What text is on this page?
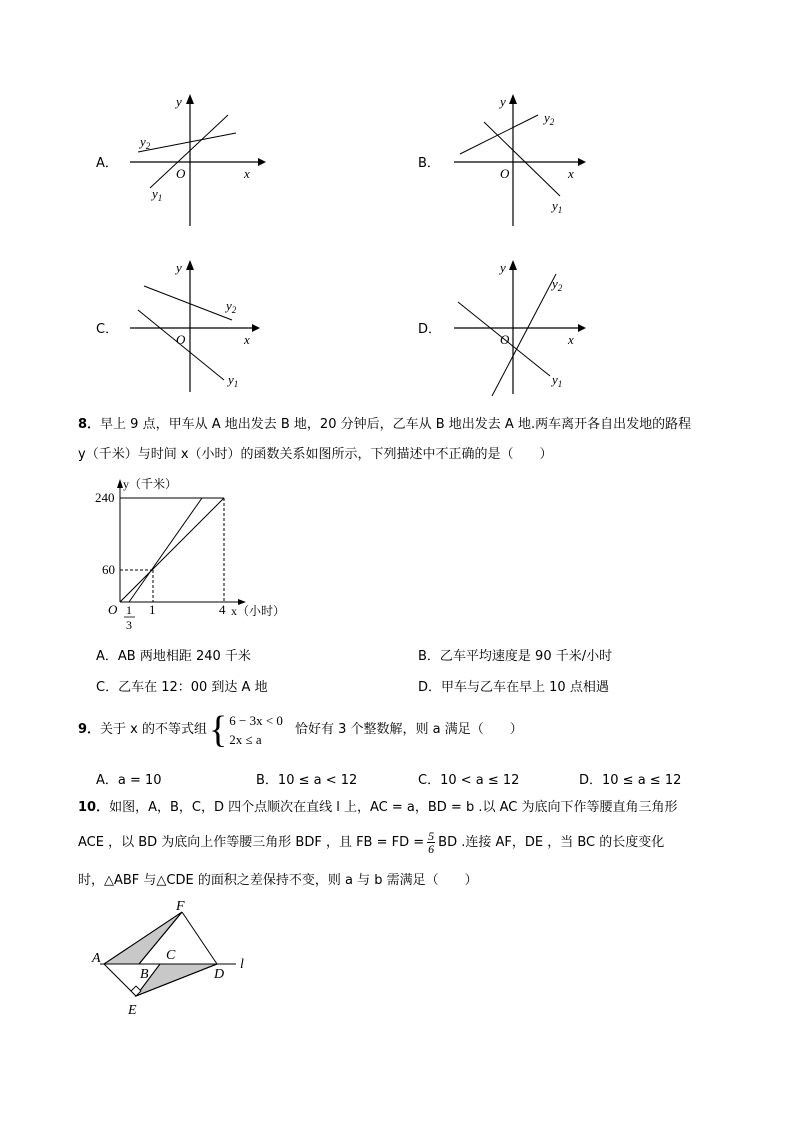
A．
y
x
O
$y_1$
$y_2$
B．
y
x
O
$y_1$
$y_2$
C．
y
x
O
$y_1$
$y_2$
D．
y
x
O
$y_1$
$y_2$
8．早上 9 点，甲车从 A 地出发去 B 地，20 分钟后，乙车从 B 地出发去 A 地.两车离开各自出发地的路程
y（千米）与时间 x（小时）的函数关系如图所示，下列描述中不正确的是（　　）
y（千米）
x（小时）
240
60
O 1	4
1
3
A．AB 两地相距 240 千米	B．乙车平均速度是 90 千米/小时
C．乙车在 12：00 到达 A 地	D．甲车与乙车在早上 10 点相遇
9． 关于 x 的不等式组 { 6 − 3x < 0
2x ≤ a
恰好有 3 个整数解，则 a 满足（　　）
A．a = 10	B．10 ≤ a < 12	C．10 < a ≤ 12	D．10 ≤ a ≤ 12
10．如图，A，B，C，D 四个点顺次在直线 l 上，AC = a，BD = b .以 AC 为底向下作等腰直角三角形
ACE ，以 BD 为底向上作等腰三角形 BDF ，且 FB = FD = $\frac{5}{6}$ BD .连接 AF，DE ，当 BC 的长度变化
时，△ABF 与△CDE 的面积之差保持不变，则 a 与 b 需满足（　　）
A
B
C
D
E
F
l
